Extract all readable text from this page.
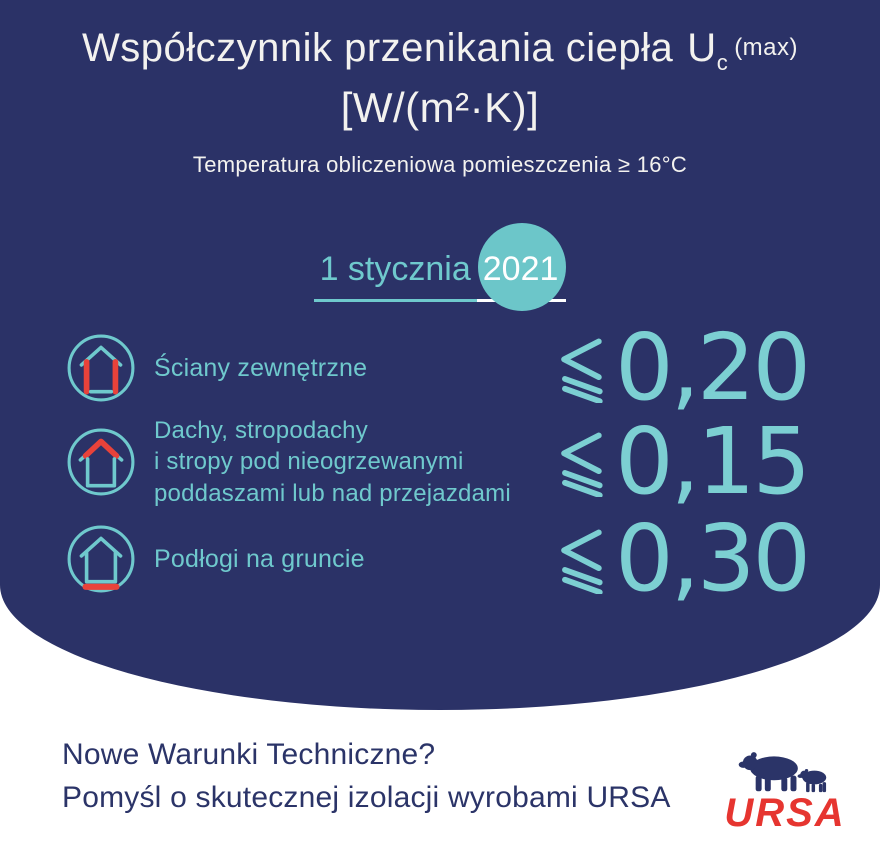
Współczynnik przenikania ciepła $U_c$
(max)
[W/(m²·K)]
Temperatura obliczeniowa pomieszczenia ≥ 16°C
1 stycznia 2021
Ściany zewnętrzne	0,20
Dachy, stropodachy
i stropy pod nieogrzewanymi
poddaszami lub nad przejazdami 0,15
Podłogi na gruncie	0,30
Nowe Warunki Techniczne?
Pomyśl o skutecznej izolacji wyrobami URSA URSA
